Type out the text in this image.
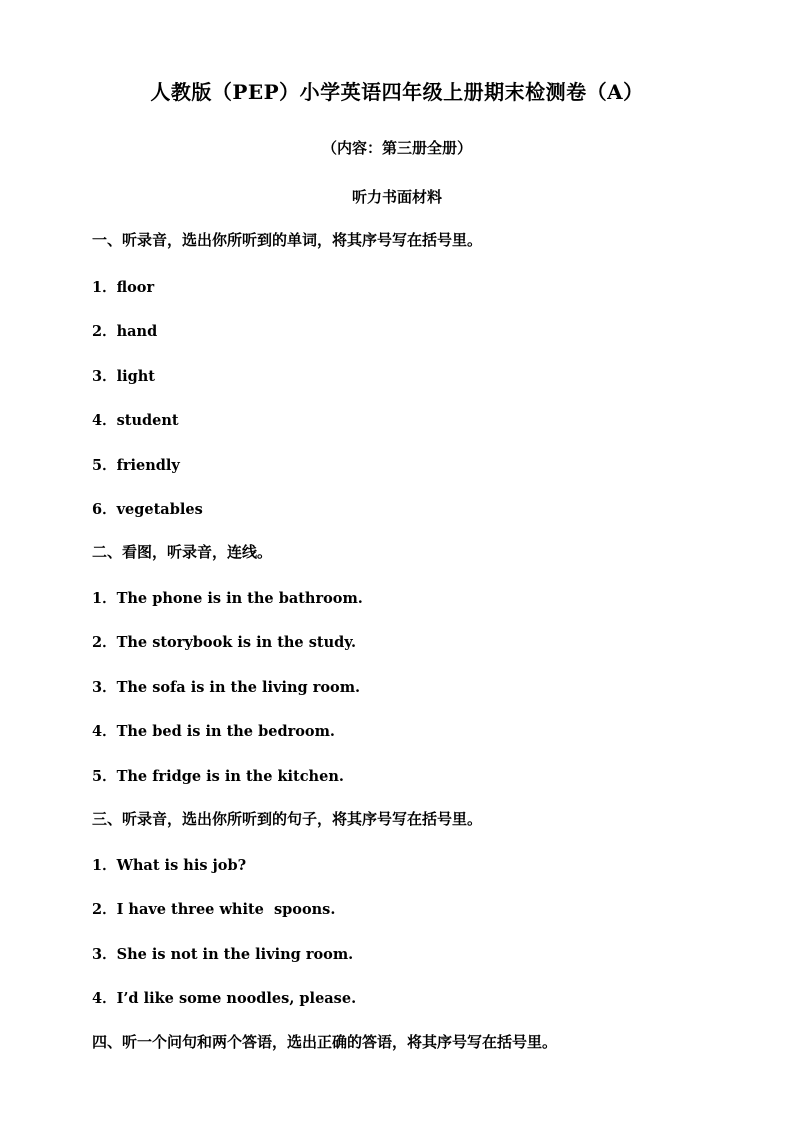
人教版（PEP）小学英语四年级上册期末检测卷（A）
（内容：第三册全册）
听力书面材料
一、听录音，选出你所听到的单词，将其序号写在括号里。
1．floor
2．hand
3．light
4．student
5．friendly
6．vegetables
二、看图，听录音，连线。
1．The phone is in the bathroom.
2．The storybook is in the study.
3．The sofa is in the living room.
4．The bed is in the bedroom.
5．The fridge is in the kitchen.
三、听录音，选出你所听到的句子，将其序号写在括号里。
1．What is his job?
2．I have three white  spoons.
3．She is not in the living room.
4．I’d like some noodles, please.
四、听一个问句和两个答语，选出正确的答语，将其序号写在括号里。
